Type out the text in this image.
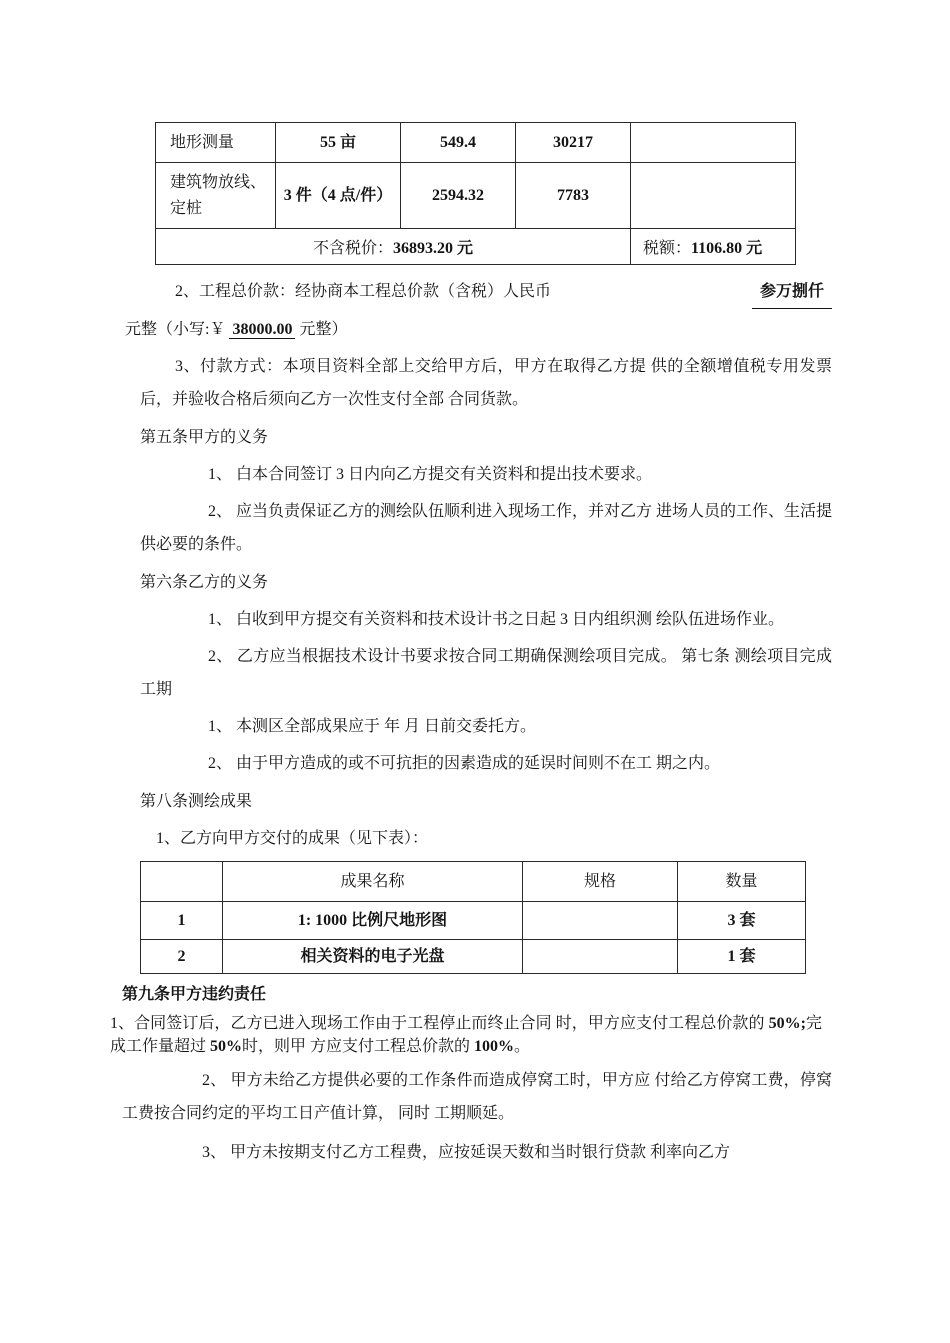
地形测量	55 亩	549.4	30217	
建筑物放线、定桩	3 件（4 点/件）	2594.32	7783	
不含税价：36893.20 元				税额：1106.80 元
2、工程总价款：经协商本工程总价款（含税）人民币	参万捌仟
元整（小写:￥ 38000.00 元整）
3、付款方式：本项目资料全部上交给甲方后，甲方在取得乙方提 供的全额增值税专用发票后，并验收合格后须向乙方一次性支付全部 合同货款。
第五条甲方的义务
1、 白本合同签订 3 日内向乙方提交有关资料和提出技术要求。
2、 应当负责保证乙方的测绘队伍顺利进入现场工作，并对乙方 进场人员的工作、生活提供必要的条件。
第六条乙方的义务
1、 白收到甲方提交有关资料和技术设计书之日起 3 日内组织测 绘队伍进场作业。
2、 乙方应当根据技术设计书要求按合同工期确保测绘项目完成。 第七条 测绘项目完成工期
1、 本测区全部成果应于 年 月 日前交委托方。
2、 由于甲方造成的或不可抗拒的因素造成的延误时间则不在工 期之内。
第八条测绘成果
1、乙方向甲方交付的成果（见下表）：
	成果名称	规格	数量
1	1: 1000 比例尺地形图		3 套
2	相关资料的电子光盘		1 套
第九条甲方违约责任
1、合同签订后，乙方已进入现场工作由于工程停止而终止合同 时，甲方应支付工程总价款的 50%;完成工作量超过 50%时，则甲 方应支付工程总价款的 100%。
2、 甲方未给乙方提供必要的工作条件而造成停窝工时，甲方应 付给乙方停窝工费，停窝工费按合同约定的平均工日产值计算， 同时 工期顺延。
3、 甲方未按期支付乙方工程费，应按延误天数和当时银行贷款 利率向乙方
